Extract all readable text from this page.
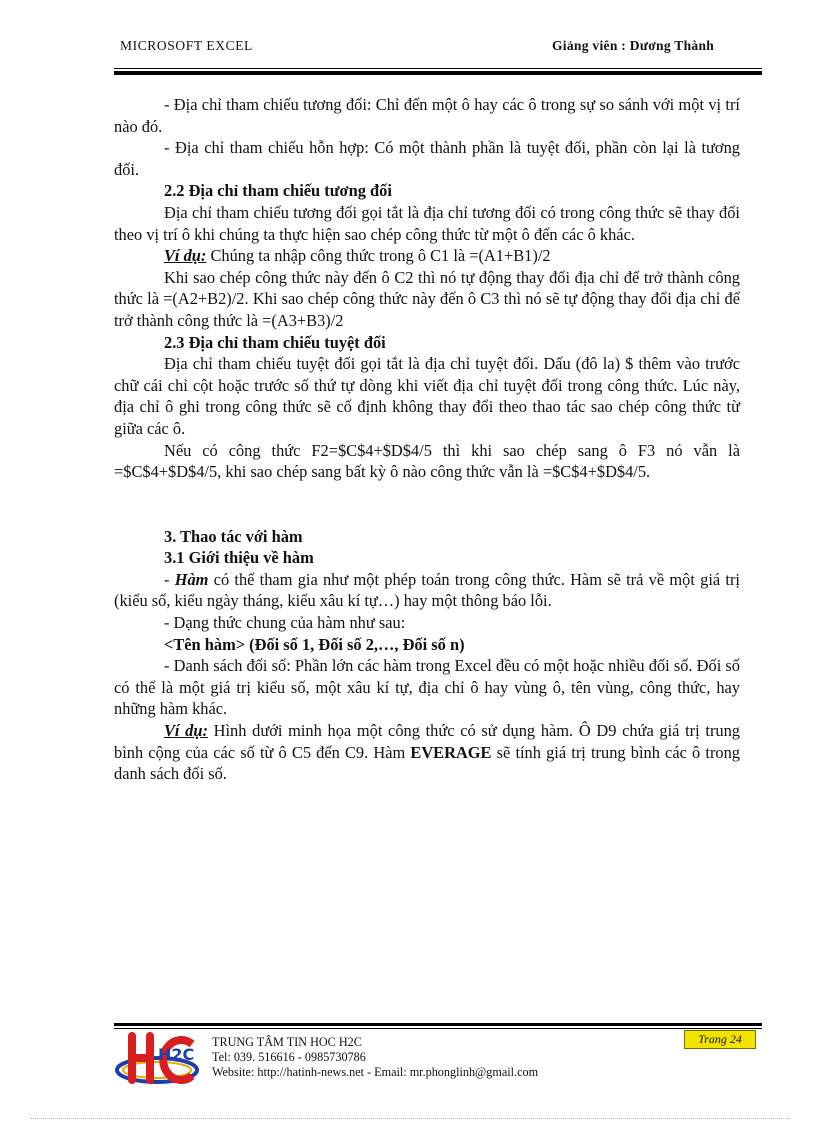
MICROSOFT EXCEL	Giảng viên : Dương Thành

- Địa chỉ tham chiếu tương đối: Chỉ đến một ô hay các ô trong sự so sánh với một vị trí nào đó.

- Địa chỉ tham chiếu hỗn hợp: Có một thành phần là tuyệt đối, phần còn lại là tương đối.

2.2 Địa chỉ tham chiếu tương đối

Địa chỉ tham chiếu tương đối gọi tắt là địa chỉ tương đối có trong công thức sẽ thay đổi theo vị trí ô khi chúng ta thực hiện sao chép công thức từ một ô đến các ô khác.

Ví dụ: Chúng ta nhập công thức trong ô C1 là =(A1+B1)/2

Khi sao chép công thức này đến ô C2 thì nó tự động thay đổi địa chỉ để trở thành công thức là =(A2+B2)/2. Khi sao chép công thức này đến ô C3 thì nó sẽ tự động thay đổi địa chỉ để trở thành công thức là =(A3+B3)/2

2.3 Địa chỉ tham chiếu tuyệt đối

Địa chỉ tham chiếu tuyệt đối gọi tắt là địa chỉ tuyệt đối. Dấu (đô la) $ thêm vào trước chữ cái chỉ cột hoặc trước số thứ tự dòng khi viết địa chỉ tuyệt đối trong công thức. Lúc này, địa chỉ ô ghi trong công thức sẽ cố định không thay đổi theo thao tác sao chép công thức từ giữa các ô.

Nếu có công thức F2=$C$4+$D$4/5 thì khi sao chép sang ô F3 nó vẫn là =$C$4+$D$4/5, khi sao chép sang bất kỳ ô nào công thức vẫn là =$C$4+$D$4/5.

3. Thao tác với hàm

3.1 Giới thiệu về hàm

- Hàm có thể tham gia như một phép toán trong công thức. Hàm sẽ trả về một giá trị (kiểu số, kiểu ngày tháng, kiểu xâu kí tự…) hay một thông báo lỗi.

- Dạng thức chung của hàm như sau:

<Tên hàm> (Đối số 1, Đối số 2,…, Đối số n)

- Danh sách đối số: Phần lớn các hàm trong Excel đều có một hoặc nhiều đối số. Đối số có thể là một giá trị kiểu số, một xâu kí tự, địa chỉ ô hay vùng ô, tên vùng, công thức, hay những hàm khác.

Ví dụ: Hình dưới minh họa một công thức có sử dụng hàm. Ô D9 chứa giá trị trung bình cộng của các số từ ô C5 đến C9. Hàm EVERAGE sẽ tính giá trị trung bình các ô trong danh sách đối số.

H2C
TRUNG TÂM TIN HOC H2C
Tel: 039. 516616 - 0985730786
Website: http://hatinh-news.net - Email: mr.phonglinh@gmail.com
Trang 24
